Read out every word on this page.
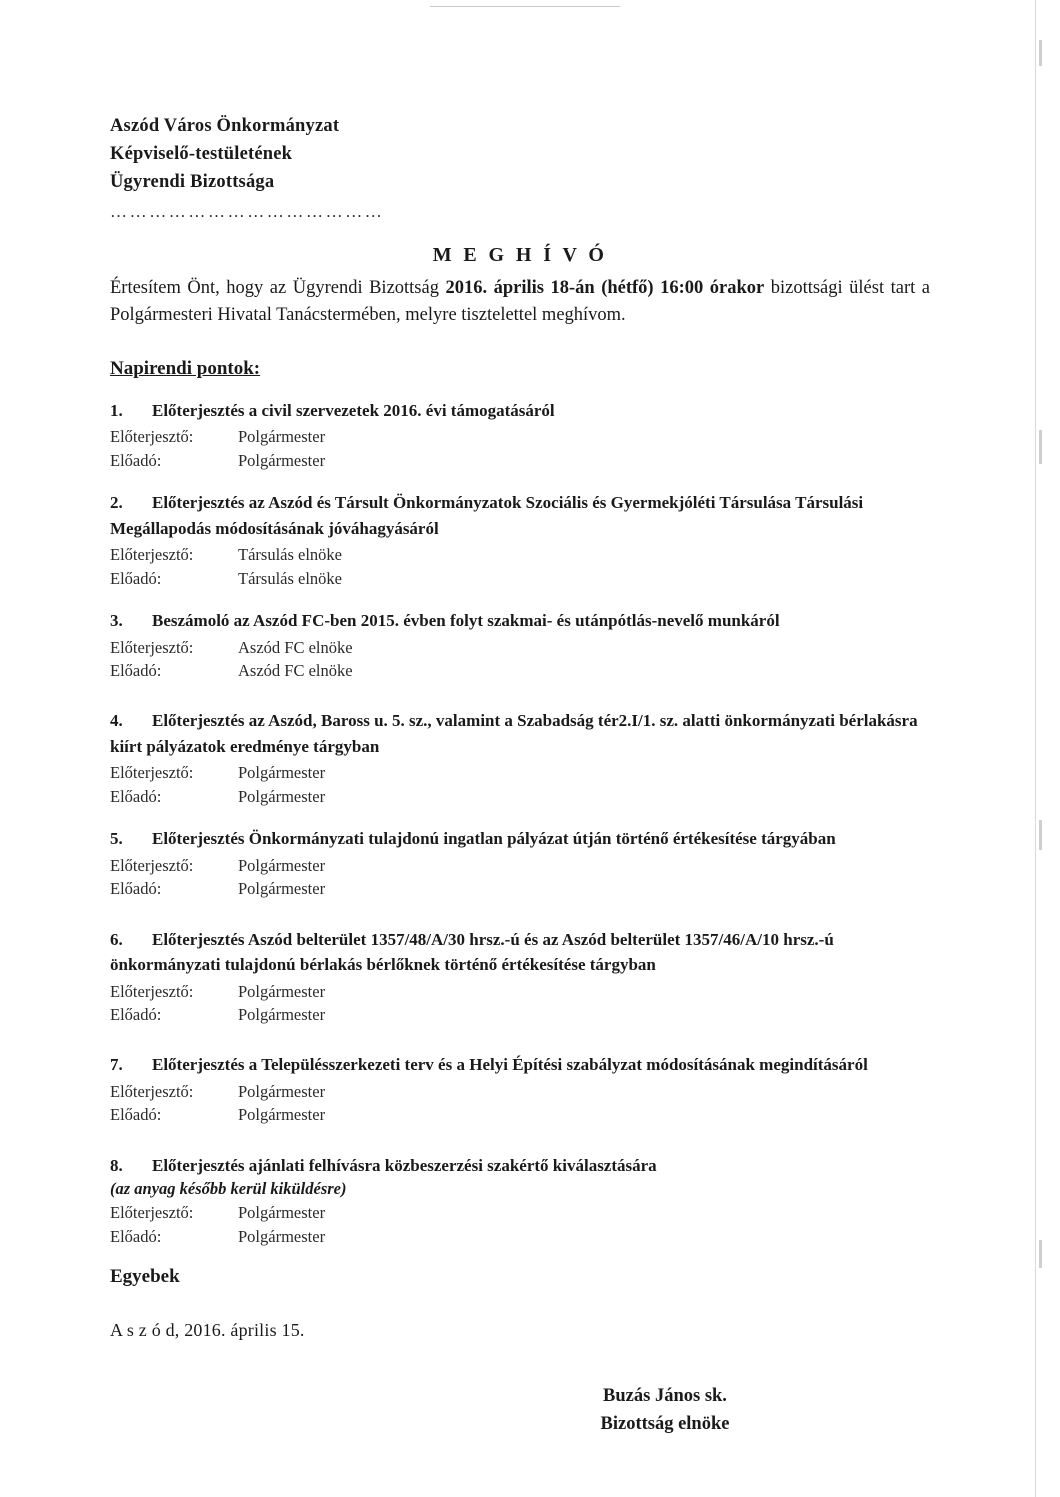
Aszód Város Önkormányzat
Képviselő-testületének
Ügyrendi Bizottsága
……………………………………
M E G H Í V Ó
Értesítem Önt, hogy az Ügyrendi Bizottság 2016. április 18-án (hétfő) 16:00 órakor bizottsági ülést tart a Polgármesteri Hivatal Tanácstermében, melyre tisztelettel meghívom.
Napirendi pontok:
1. Előterjesztés a civil szervezetek 2016. évi támogatásáról
Előterjesztő:	Polgármester
Előadó:	Polgármester
2. Előterjesztés az Aszód és Társult Önkormányzatok Szociális és Gyermekjóléti Társulása Társulási Megállapodás módosításának jóváhagyásáról
Előterjesztő:	Társulás elnöke
Előadó:	Társulás elnöke
3. Beszámoló az Aszód FC-ben 2015. évben folyt szakmai- és utánpótlás-nevelő munkáról
Előterjesztő:	Aszód FC elnöke
Előadó:	Aszód FC elnöke
4. Előterjesztés az Aszód, Baross u. 5. sz., valamint a Szabadság tér2.I/1. sz. alatti önkormányzati bérlakásra kiírt pályázatok eredménye tárgyban
Előterjesztő:	Polgármester
Előadó:	Polgármester
5. Előterjesztés Önkormányzati tulajdonú ingatlan pályázat útján történő értékesítése tárgyában
Előterjesztő:	Polgármester
Előadó:	Polgármester
6. Előterjesztés Aszód belterület 1357/48/A/30 hrsz.-ú és az Aszód belterület 1357/46/A/10 hrsz.-ú önkormányzati tulajdonú bérlakás bérlőknek történő értékesítése tárgyban
Előterjesztő:	Polgármester
Előadó:	Polgármester
7. Előterjesztés a Településszerkezeti terv és a Helyi Építési szabályzat módosításának megindításáról
Előterjesztő:	Polgármester
Előadó:	Polgármester
8. Előterjesztés ajánlati felhívásra közbeszerzési szakértő kiválasztására
(az anyag később kerül kiküldésre)
Előterjesztő:	Polgármester
Előadó:	Polgármester
Egyebek
A s z ó d, 2016. április 15.
Buzás János sk.
Bizottság elnöke
